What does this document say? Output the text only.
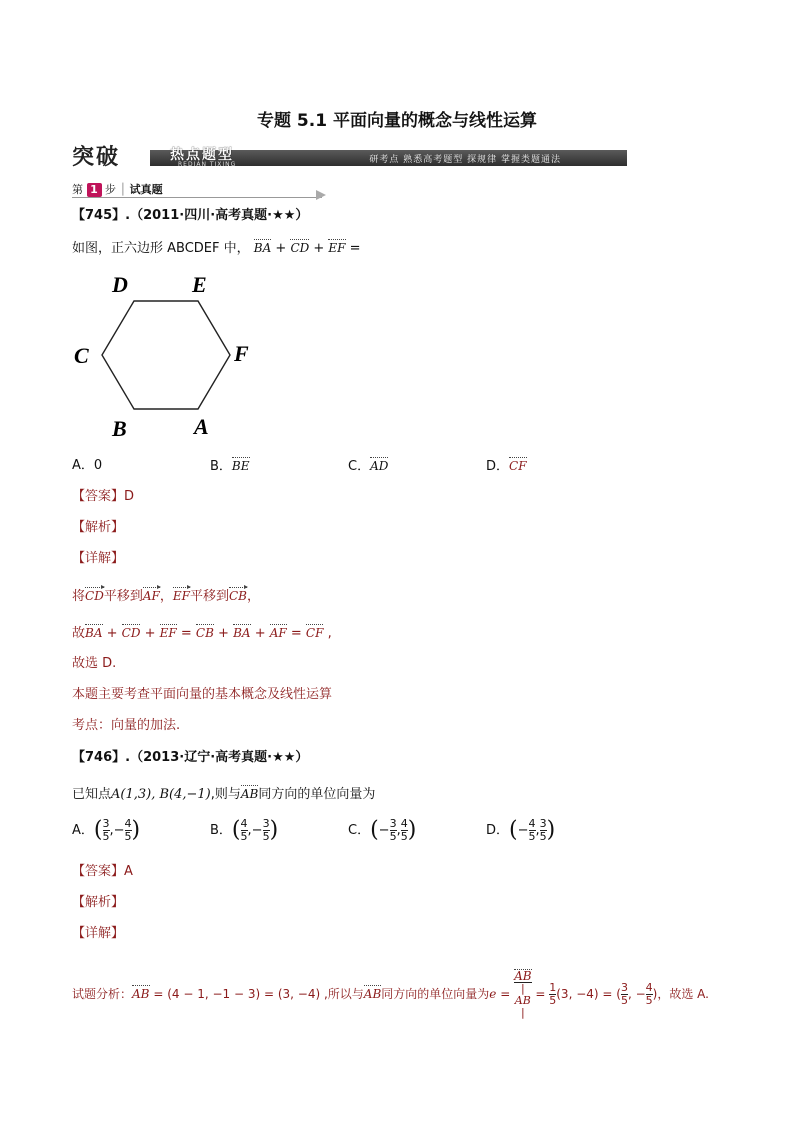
专题 5.1 平面向量的概念与线性运算
突破	热点题型
REDIAN TIXING	研考点 熟悉高考题型 探规律 掌握类题通法
第 1 步 │ 试真题
【745】.（2011·四川·高考真题·★★）
如图，正六边形 ABCDEF 中， BA + CD + EF =
D	E
C	F
B	A
A．0	B．BE	C．AD	D．CF
【答案】D
【解析】
【详解】
将CD平移到AF，EF平移到CB，
故BA + CD + EF = CB + BA + AF = CF ,
故选 D.
本题主要考查平面向量的基本概念及线性运算
考点：向量的加法.
【746】.（2013·辽宁·高考真题·★★）
已知点A(1,3), B(4,−1),则与AB同方向的单位向量为
A．( $\frac{3}{5}$ ,− $\frac{4}{5}$ )	B．( $\frac{4}{5}$ ,− $\frac{3}{5}$ )	C．(− $\frac{3}{5}$ , $\frac{4}{5}$ )	D．(− $\frac{4}{5}$ , $\frac{3}{5}$ )
【答案】A
【解析】
【详解】
试题分析：AB = (4 − 1, −1 − 3) = (3, −4) ,所以与AB同方向的单位向量为e = AB
|
AB
| = $\frac{1}{5} (3$, −4) = ( $\frac{3}{5}$ , − $\frac{4}{5}$ )，故选 A.
